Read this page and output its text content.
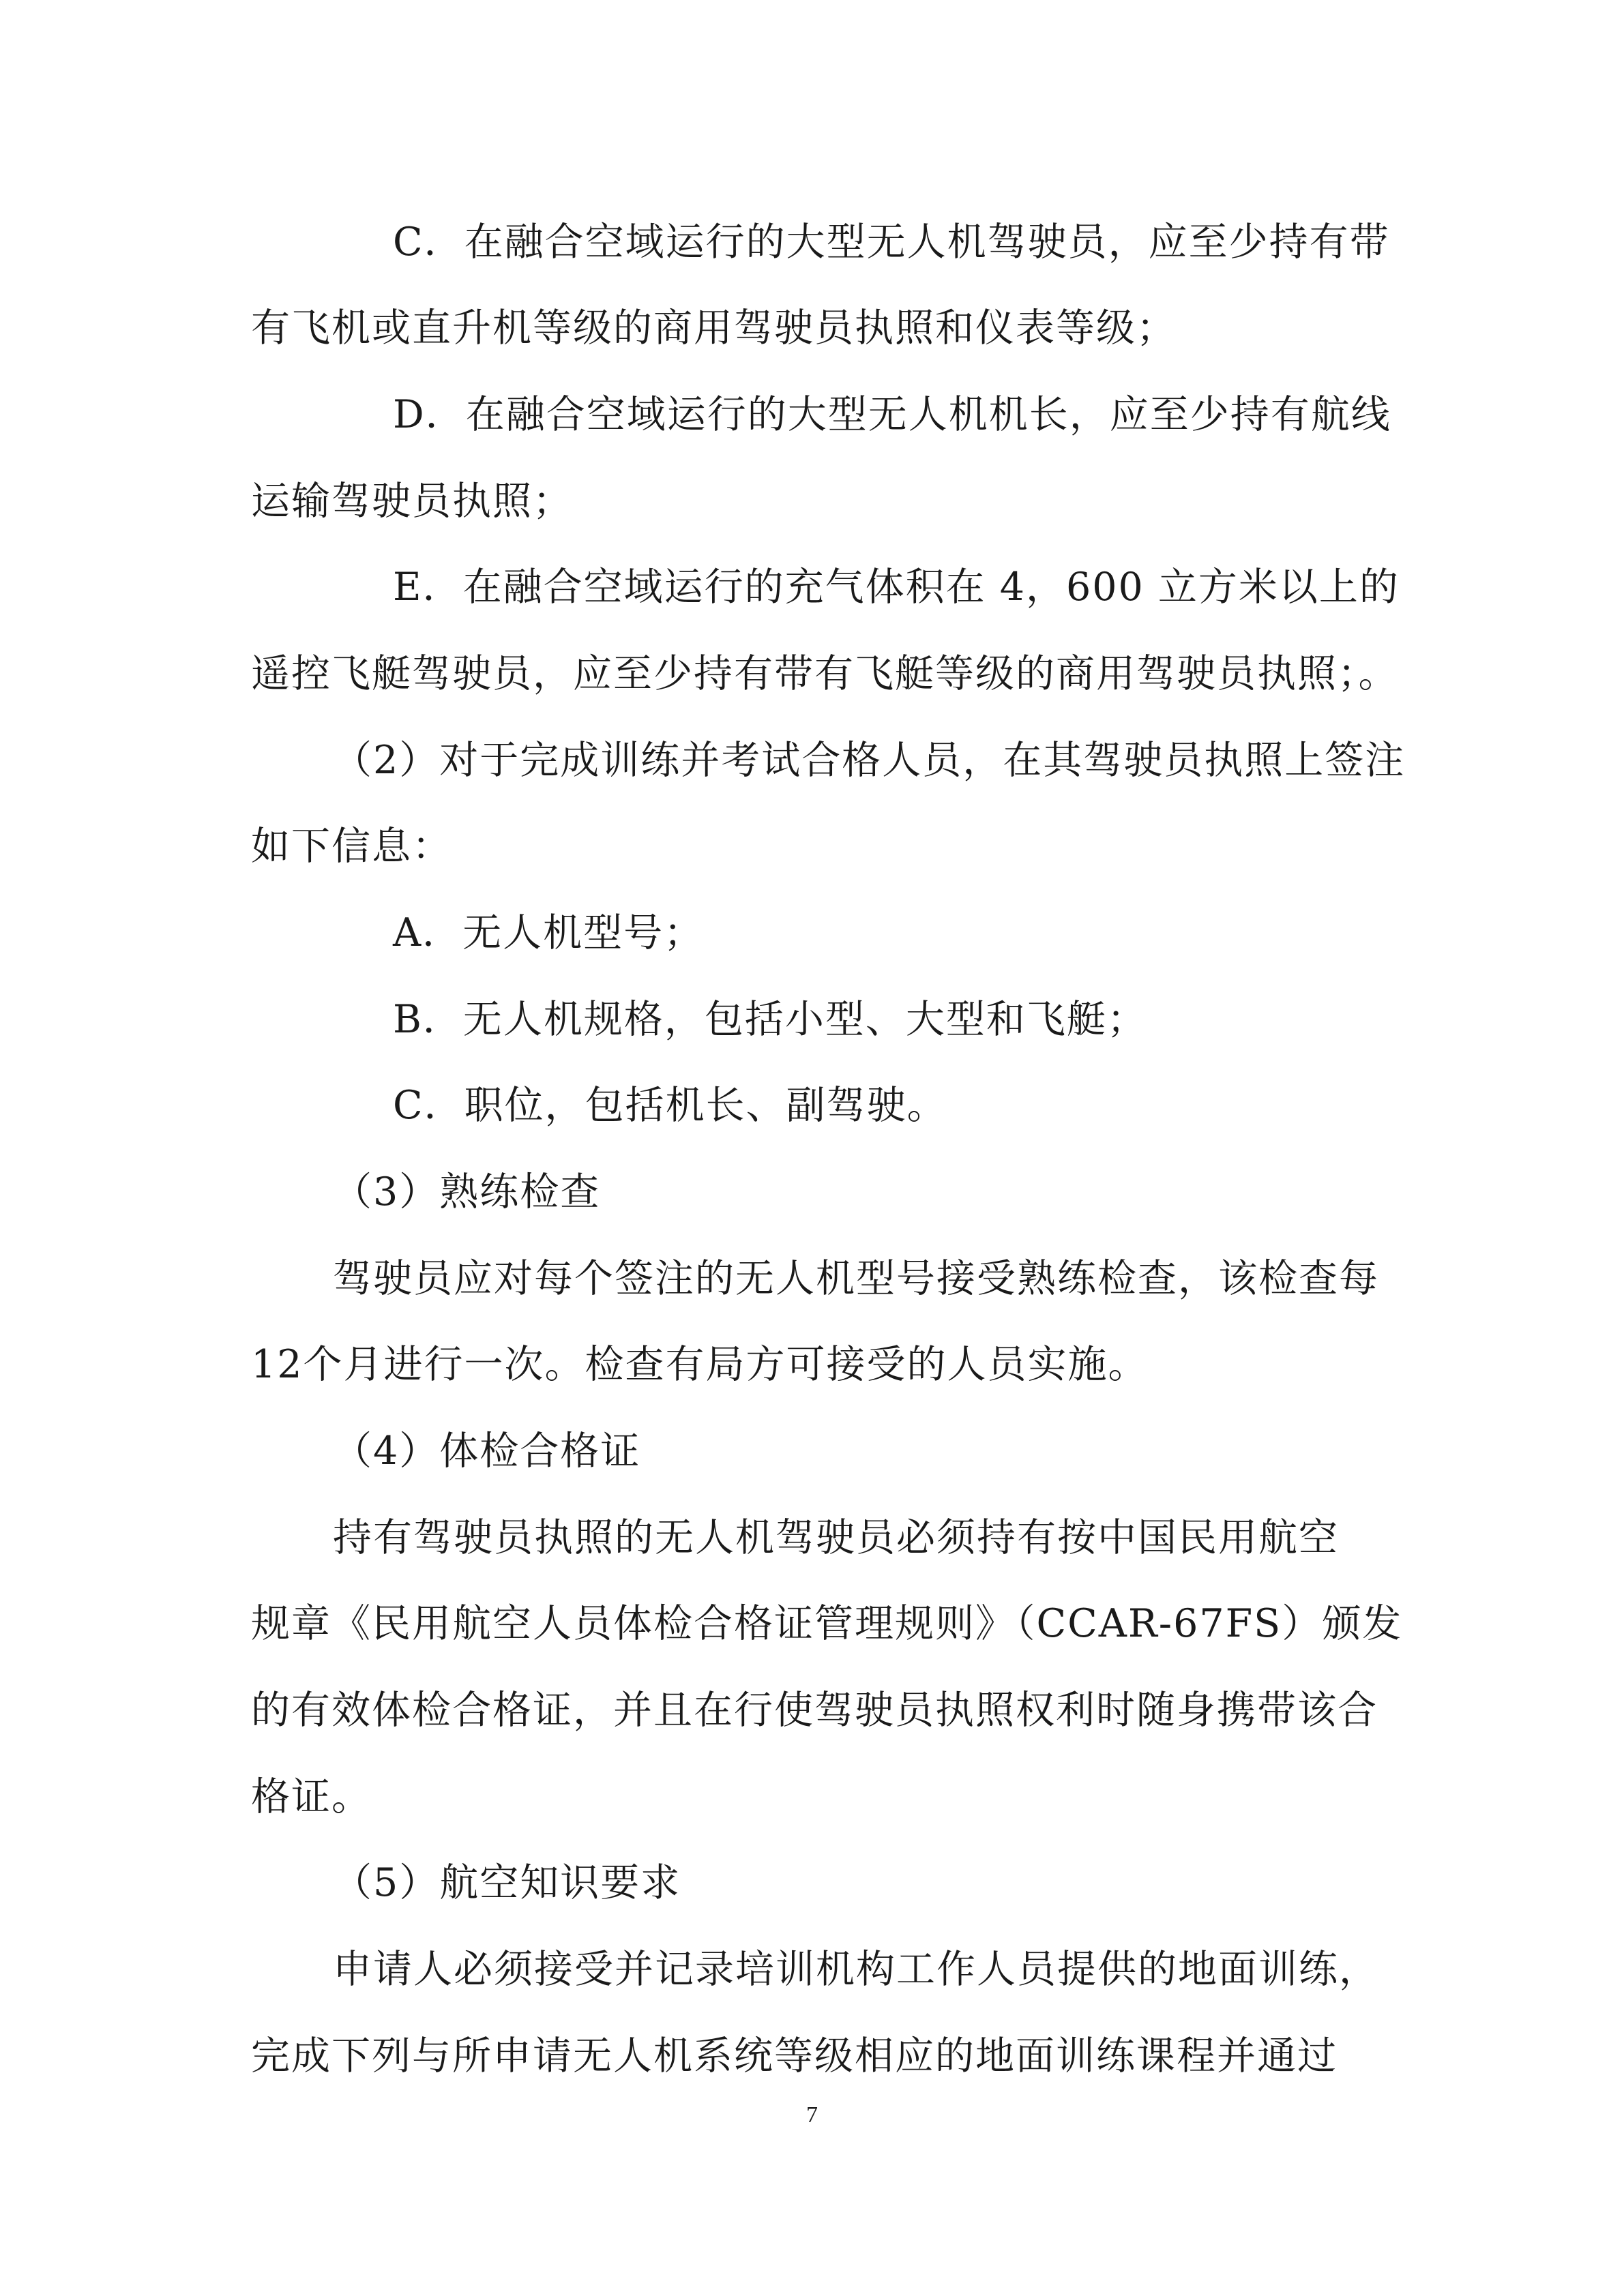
C．在融合空域运行的大型无人机驾驶员，应至少持有带
有飞机或直升机等级的商用驾驶员执照和仪表等级；
D．在融合空域运行的大型无人机机长，应至少持有航线
运输驾驶员执照；
E．在融合空域运行的充气体积在 4，600 立方米以上的
遥控飞艇驾驶员，应至少持有带有飞艇等级的商用驾驶员执照；。
（2）对于完成训练并考试合格人员，在其驾驶员执照上签注
如下信息：
A．无人机型号；
B．无人机规格，包括小型、大型和飞艇；
C．职位，包括机长、副驾驶。
（3）熟练检查
驾驶员应对每个签注的无人机型号接受熟练检查，该检查每
12个月进行一次。检查有局方可接受的人员实施。
（4）体检合格证
持有驾驶员执照的无人机驾驶员必须持有按中国民用航空
规章《民用航空人员体检合格证管理规则》（CCAR-67FS）颁发
的有效体检合格证，并且在行使驾驶员执照权利时随身携带该合
格证。
（5）航空知识要求
申请人必须接受并记录培训机构工作人员提供的地面训练，
完成下列与所申请无人机系统等级相应的地面训练课程并通过
7
